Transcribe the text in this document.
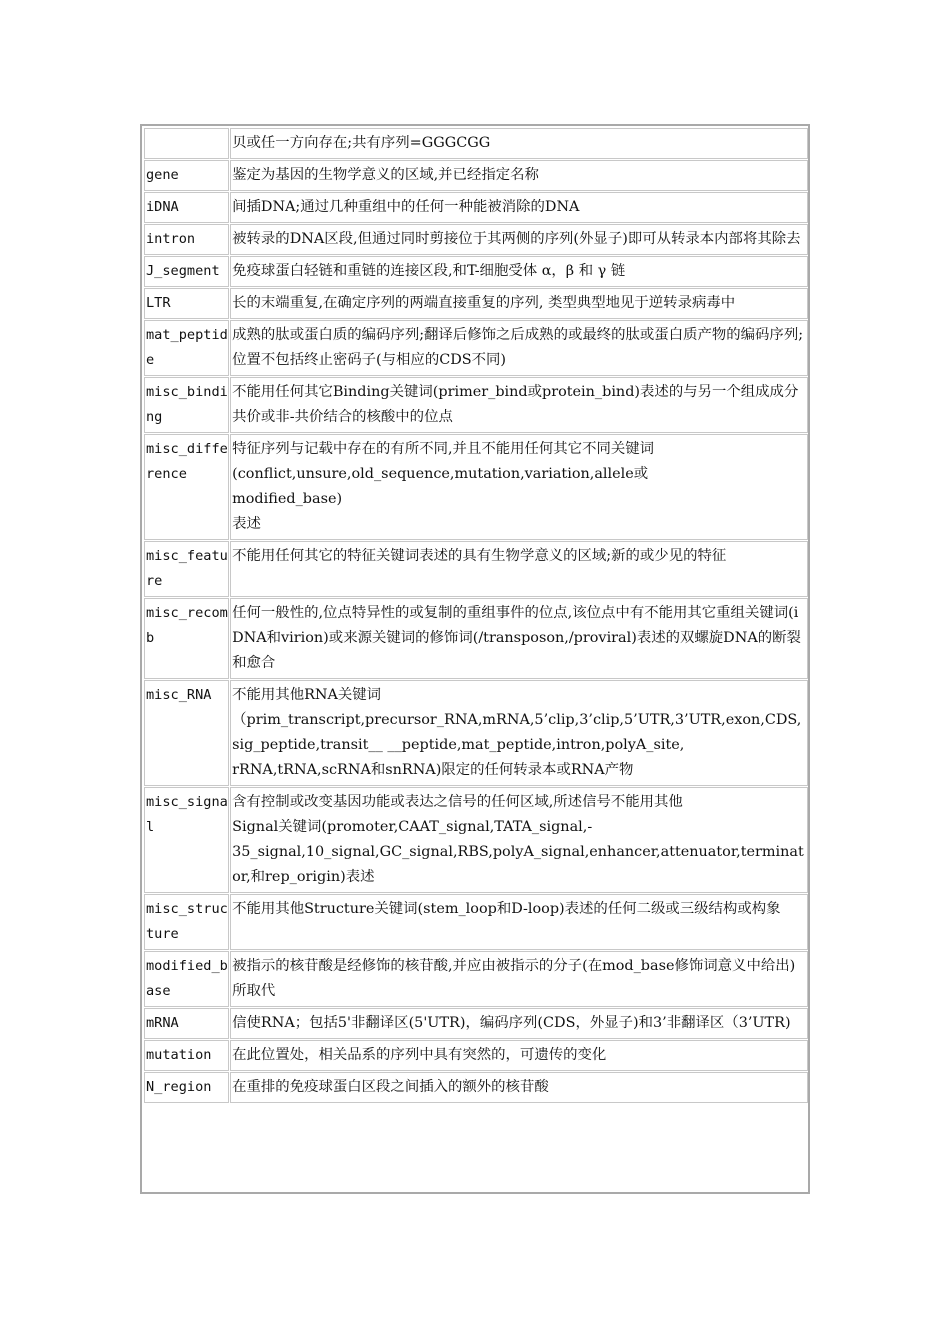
	贝或任一方向存在;共有序列=GGGCGG

gene	鉴定为基因的生物学意义的区域,并已经指定名称

iDNA	间插DNA;通过几种重组中的任何一种能被消除的DNA

intron	被转录的DNA区段,但通过同时剪接位于其两侧的序列(外显子)即可从转录本内部将其除去

J_segment	免疫球蛋白轻链和重链的连接区段,和T-细胞受体 α，β 和 γ 链

LTR	长的末端重复,在确定序列的两端直接重复的序列, 类型典型地见于逆转录病毒中

mat_peptide	成熟的肽或蛋白质的编码序列;翻译后修饰之后成熟的或最终的肽或蛋白质产物的编码序列;位置不包括终止密码子(与相应的CDS不同)

misc_binding	不能用任何其它Binding关键词(primer_bind或protein_bind)表述的与另一个组成成分共价或非-共价结合的核酸中的位点

misc_difference	特征序列与记载中存在的有所不同,并且不能用任何其它不同关键词
(conflict,unsure,old_sequence,mutation,variation,allele或
modified_base)
表述

misc_feature	不能用任何其它的特征关键词表述的具有生物学意义的区域;新的或少见的特征

misc_recomb	任何一般性的,位点特异性的或复制的重组事件的位点,该位点中有不能用其它重组关键词(iDNA和virion)或来源关键词的修饰词(/transposon,/proviral)表述的双螺旋DNA的断裂和愈合

misc_RNA	不能用其他RNA关键词
（prim_transcript,precursor_RNA,mRNA,5’clip,3’clip,5’UTR,3’UTR,exon,CDS,
sig_peptide,transit__ __peptide,mat_peptide,intron,polyA_site,
rRNA,tRNA,scRNA和snRNA)限定的任何转录本或RNA产物

misc_signal	含有控制或改变基因功能或表达之信号的任何区域,所述信号不能用其他
Signal关键词(promoter,CAAT_signal,TATA_signal,-
35_signal,10_signal,GC_signal,RBS,polyA_signal,enhancer,attenuator,terminator,和rep_origin)表述

misc_structure	不能用其他Structure关键词(stem_loop和D-loop)表述的任何二级或三级结构或构象

modified_base	被指示的核苷酸是经修饰的核苷酸,并应由被指示的分子(在mod_base修饰词意义中给出)所取代

mRNA	信使RNA；包括5'非翻译区(5'UTR)，编码序列(CDS，外显子)和3’非翻译区（3’UTR)

mutation	在此位置处，相关品系的序列中具有突然的，可遗传的变化

N_region	在重排的免疫球蛋白区段之间插入的额外的核苷酸
